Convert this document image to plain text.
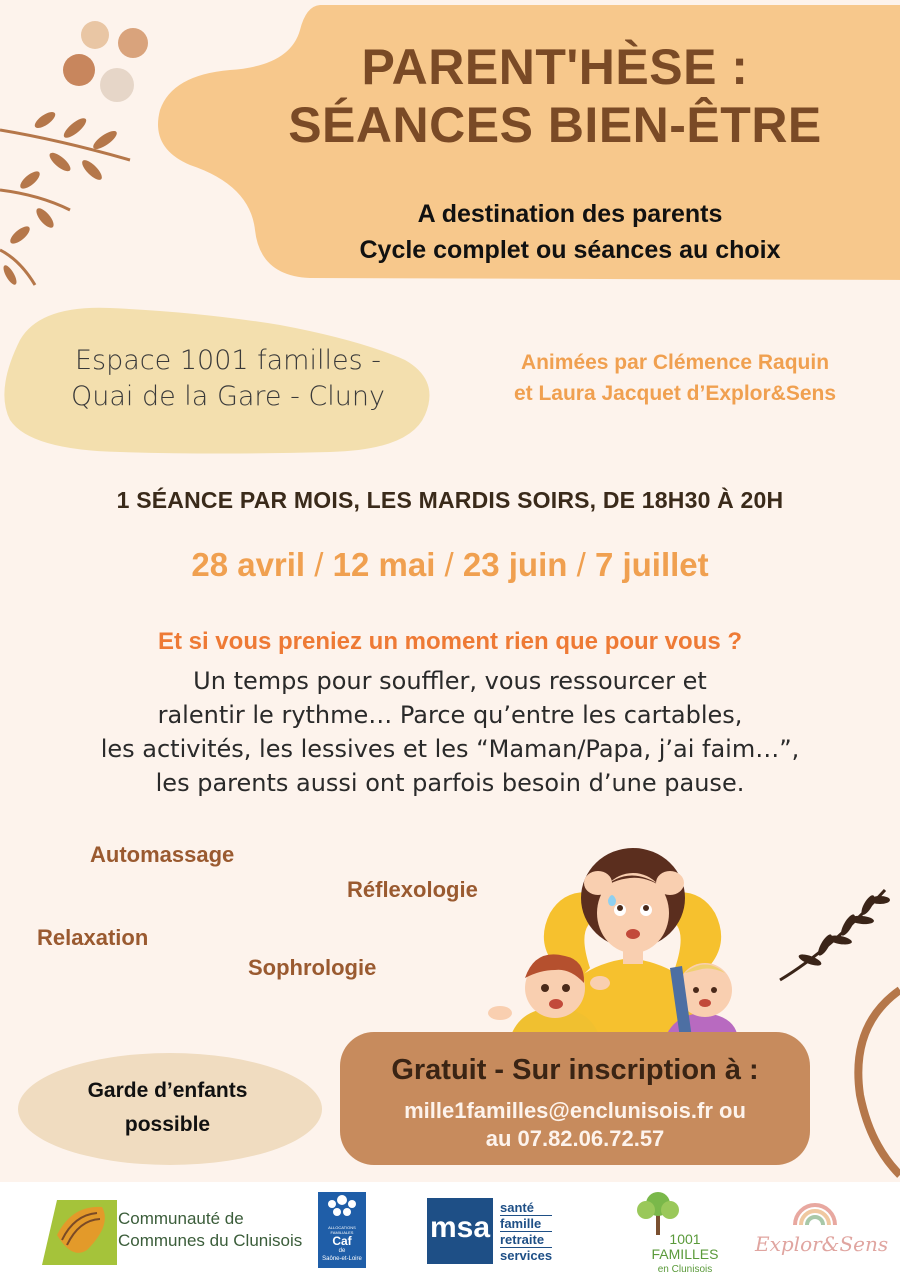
PARENT'HÈSE :
SÉANCES BIEN-ÊTRE
A destination des parents
Cycle complet ou séances au choix
Espace 1001 familles -
Quai de la Gare - Cluny
Animées par Clémence Raquin
et Laura Jacquet d’Explor&Sens
1 SÉANCE PAR MOIS, LES MARDIS SOIRS, DE 18H30 À 20H
28 avril / 12 mai / 23 juin / 7 juillet
Et si vous preniez un moment rien que pour vous ?
Un temps pour souffler, vous ressourcer et
ralentir le rythme… Parce qu’entre les cartables,
les activités, les lessives et les “Maman/Papa, j’ai faim…”,
les parents aussi ont parfois besoin d’une pause.
Automassage
Réflexologie
Relaxation
Sophrologie
Garde d’enfants
possible
Gratuit - Sur inscription à :
mille1familles@enclunisois.fr ou
au 07.82.06.72.57
Communauté de
Communes du Clunisois
ALLOCATIONS FAMILIALES
Caf
de
Saône-et-Loire
msa
santé
famille
retraite
services
1001
FAMILLES
en Clunisois
Explor&Sens
